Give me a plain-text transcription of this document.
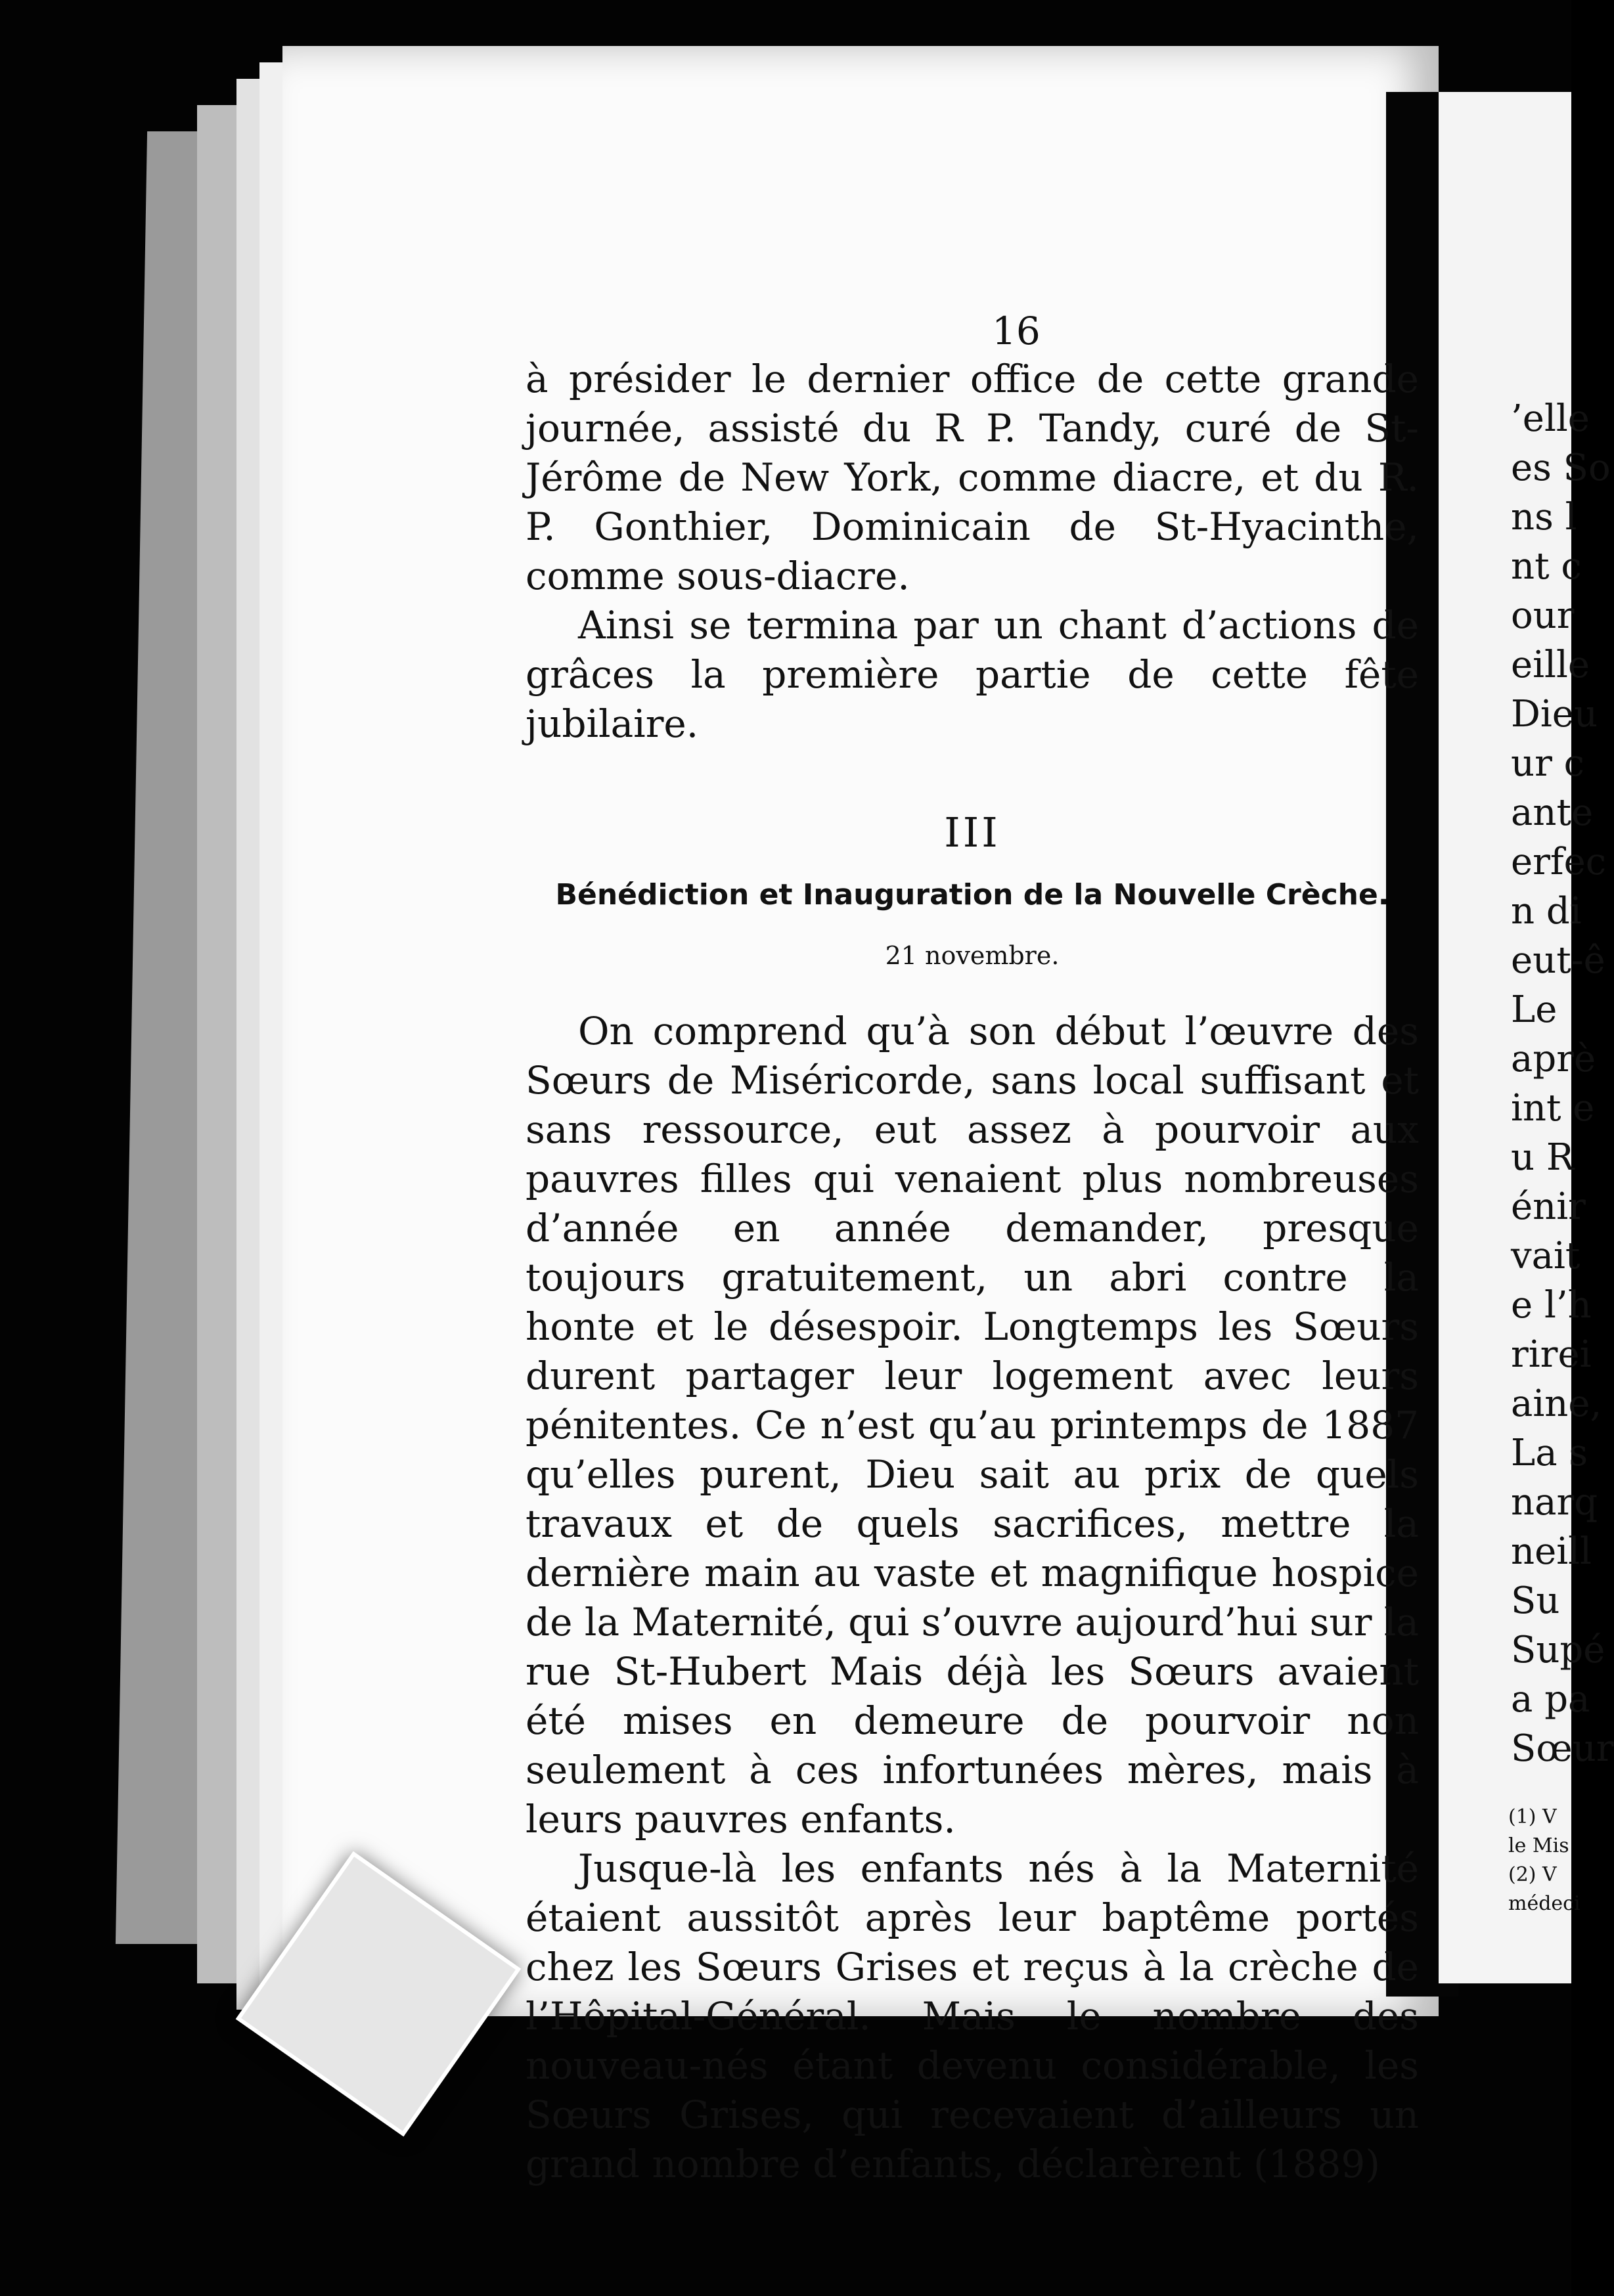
16

à présider le dernier office de cette grande journée, assisté du R P. Tandy, curé de St-Jérôme de New York, comme diacre, et du R. P. Gonthier, Dominicain de St-Hyacinthe, comme sous-diacre.

Ainsi se termina par un chant d’actions de grâces la première partie de cette fête jubilaire.

III
Bénédiction et Inauguration de la Nouvelle Crèche.
21 novembre.

On comprend qu’à son début l’œuvre des Sœurs de Miséricorde, sans local suffisant et sans ressource, eut assez à pourvoir aux pauvres filles qui venaient plus nombreuses d’année en année demander, presque toujours gratuitement, un abri contre la honte et le désespoir. Longtemps les Sœurs durent partager leur logement avec leurs pénitentes. Ce n’est qu’au printemps de 1887 qu’elles purent, Dieu sait au prix de quels travaux et de quels sacrifices, mettre la dernière main au vaste et magnifique hospice de la Maternité, qui s’ouvre aujourd’hui sur la rue St-Hubert Mais déjà les Sœurs avaient été mises en demeure de pourvoir non seulement à ces infortunées mères, mais à leurs pauvres enfants.

Jusque-là les enfants nés à la Maternité étaient aussitôt après leur baptême portés chez les Sœurs Grises et reçus à la crèche de l’Hôpital-Général. Mais le nombre des nouveau-nés étant devenu considérable, les Sœurs Grises, qui recevaient d’ailleurs un grand nombre d’enfants, déclarèrent (1889)

’elle
es So
ns l
nt c
our
eille
Dieu
ur c
ante
erfec
n di
eut-ê
Le
aprè
int e
u R
énir
vait
e l’h
rirei
aine,
La s
narq
neill
Su
Supé
a pa
Sœur
(1) V
le Mis
(2) V
médeci
